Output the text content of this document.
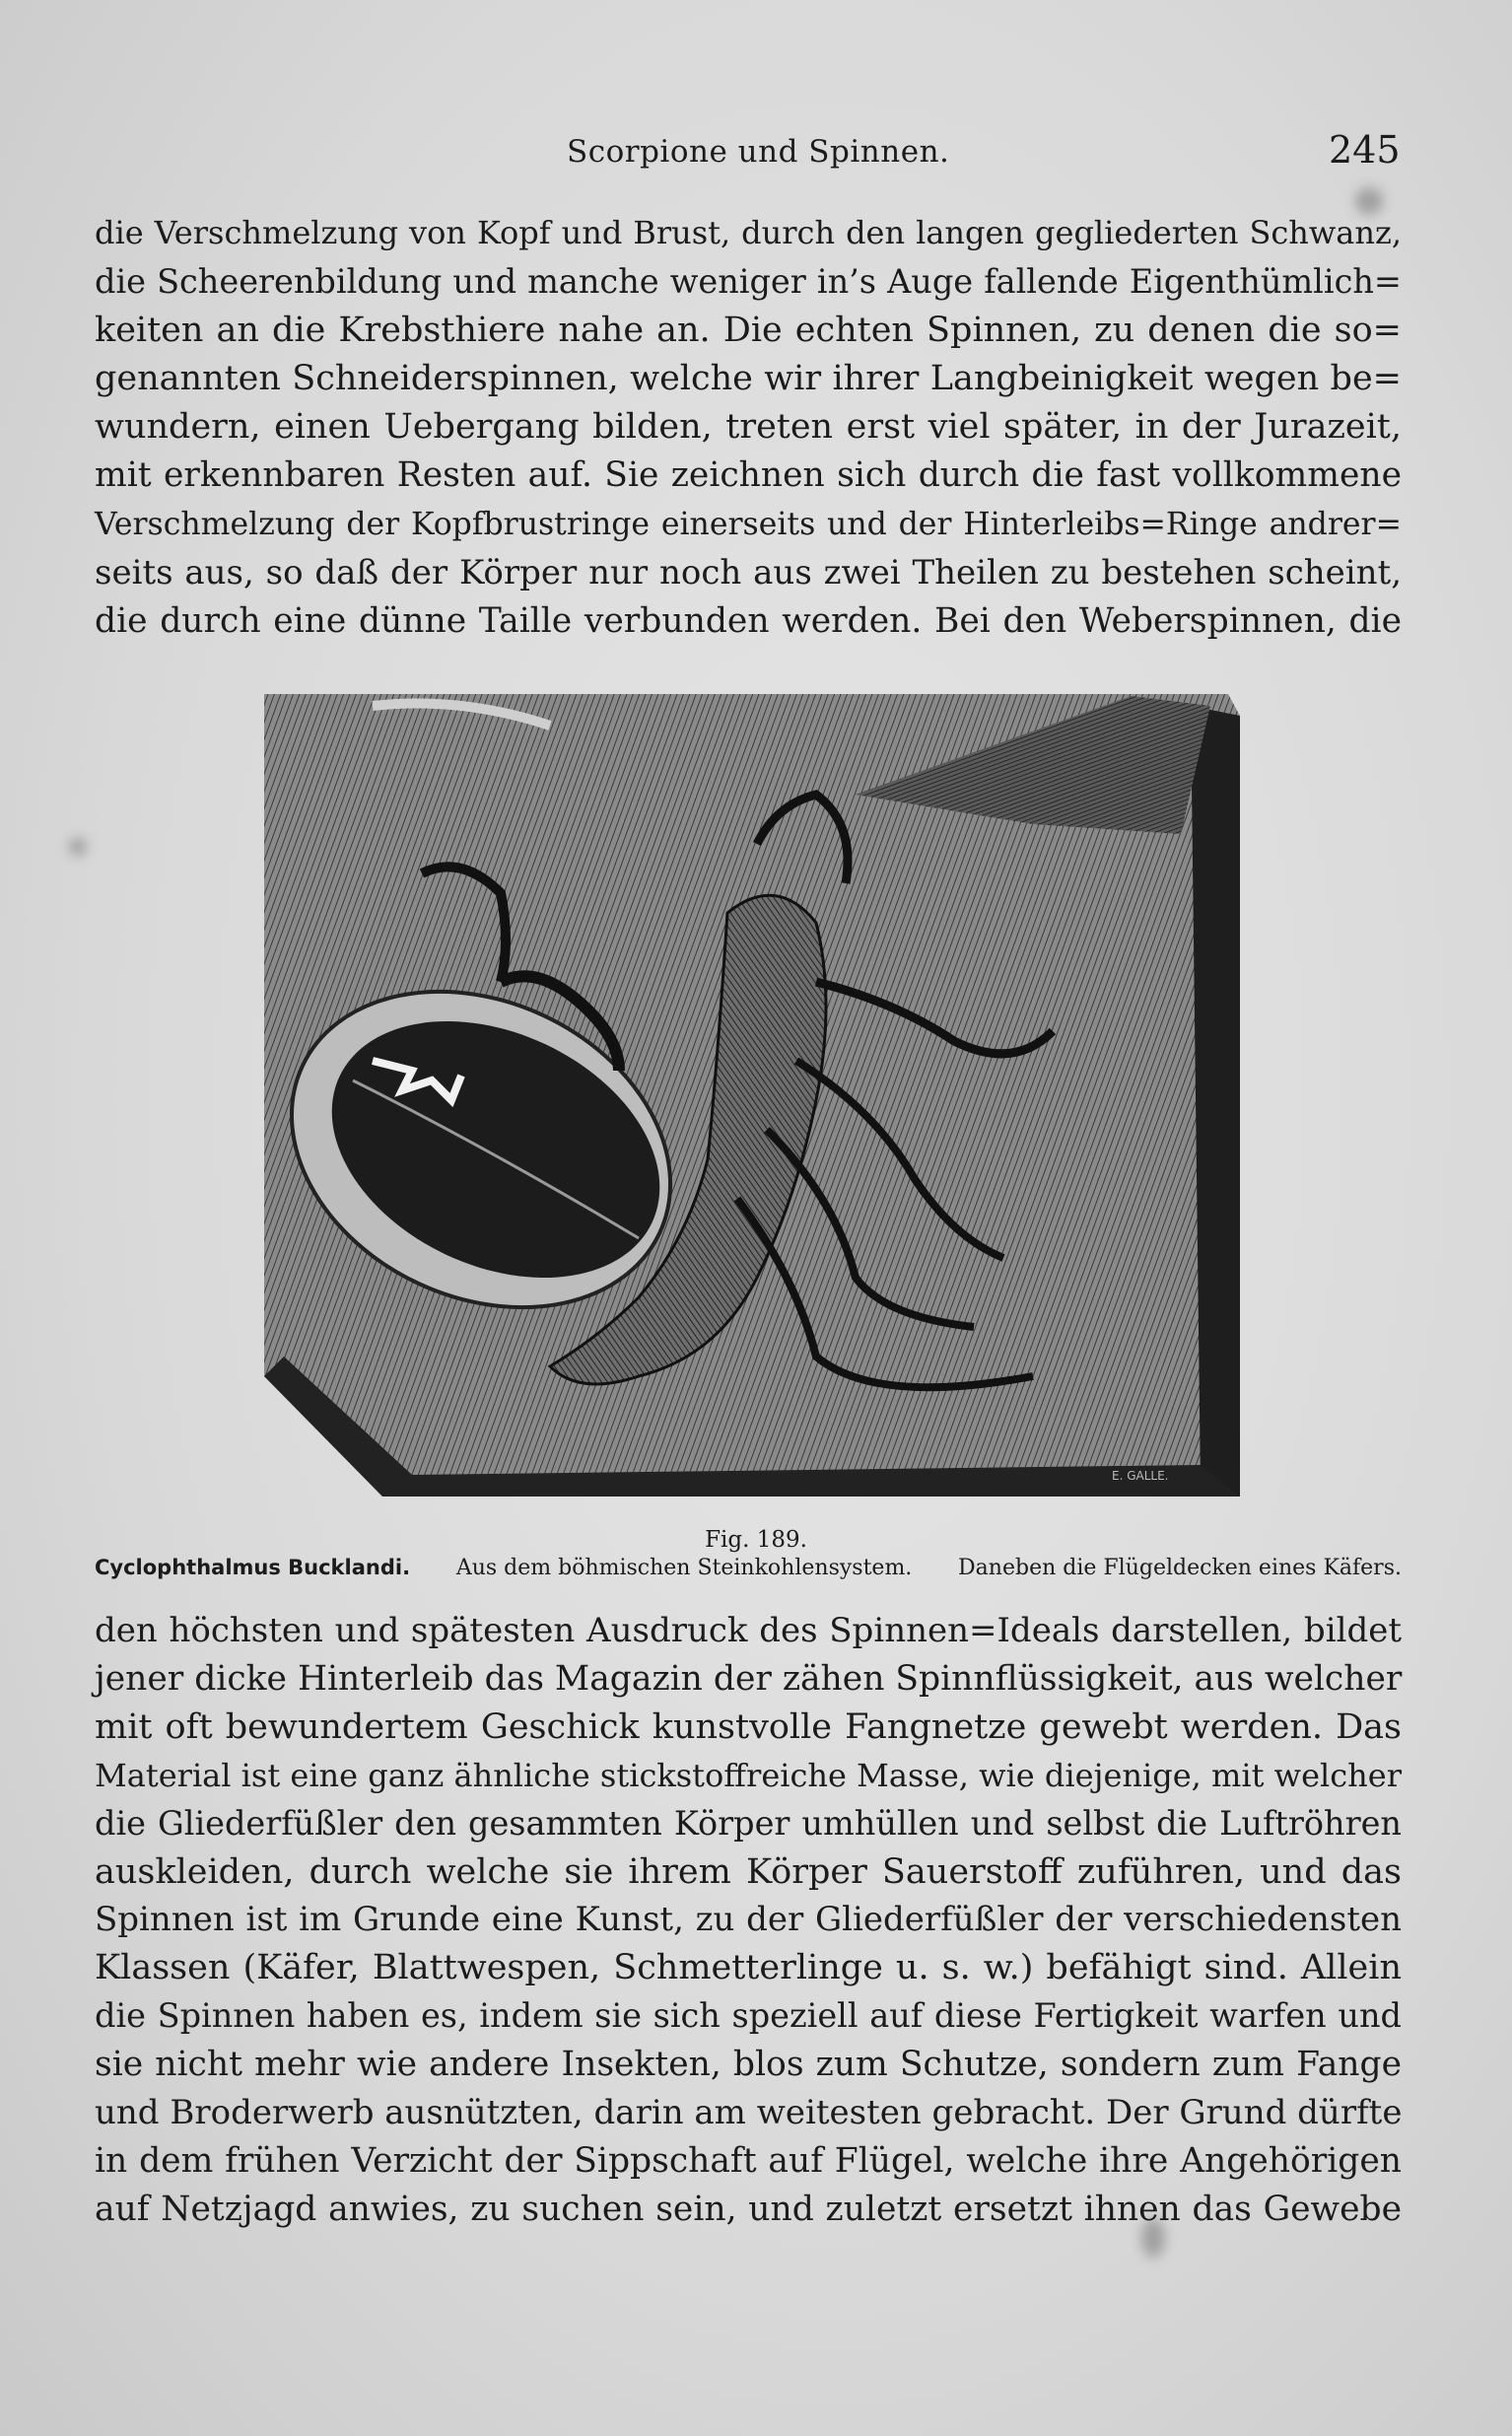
Scorpione und Spinnen.	245
die Verschmelzung von Kopf und Brust, durch den langen gegliederten Schwanz,
die Scheerenbildung und manche weniger in’s Auge fallende Eigenthümlich=
keiten an die Krebsthiere nahe an. Die echten Spinnen, zu denen die so=
genannten Schneiderspinnen, welche wir ihrer Langbeinigkeit wegen be=
wundern, einen Uebergang bilden, treten erst viel später, in der Jurazeit,
mit erkennbaren Resten auf. Sie zeichnen sich durch die fast vollkommene
Verschmelzung der Kopfbrustringe einerseits und der Hinterleibs=Ringe andrer=
seits aus, so daß der Körper nur noch aus zwei Theilen zu bestehen scheint,
die durch eine dünne Taille verbunden werden. Bei den Weberspinnen, die
E. GALLE.
Fig. 189.
Cyclophthalmus Bucklandi. Aus dem böhmischen Steinkohlensystem. Daneben die Flügeldecken eines Käfers.
den höchsten und spätesten Ausdruck des Spinnen=Ideals darstellen, bildet
jener dicke Hinterleib das Magazin der zähen Spinnflüssigkeit, aus welcher
mit oft bewundertem Geschick kunstvolle Fangnetze gewebt werden. Das
Material ist eine ganz ähnliche stickstoffreiche Masse, wie diejenige, mit welcher
die Gliederfüßler den gesammten Körper umhüllen und selbst die Luftröhren
auskleiden, durch welche sie ihrem Körper Sauerstoff zuführen, und das
Spinnen ist im Grunde eine Kunst, zu der Gliederfüßler der verschiedensten
Klassen (Käfer, Blattwespen, Schmetterlinge u. s. w.) befähigt sind. Allein
die Spinnen haben es, indem sie sich speziell auf diese Fertigkeit warfen und
sie nicht mehr wie andere Insekten, blos zum Schutze, sondern zum Fange
und Broderwerb ausnützten, darin am weitesten gebracht. Der Grund dürfte
in dem frühen Verzicht der Sippschaft auf Flügel, welche ihre Angehörigen
auf Netzjagd anwies, zu suchen sein, und zuletzt ersetzt ihnen das Gewebe
